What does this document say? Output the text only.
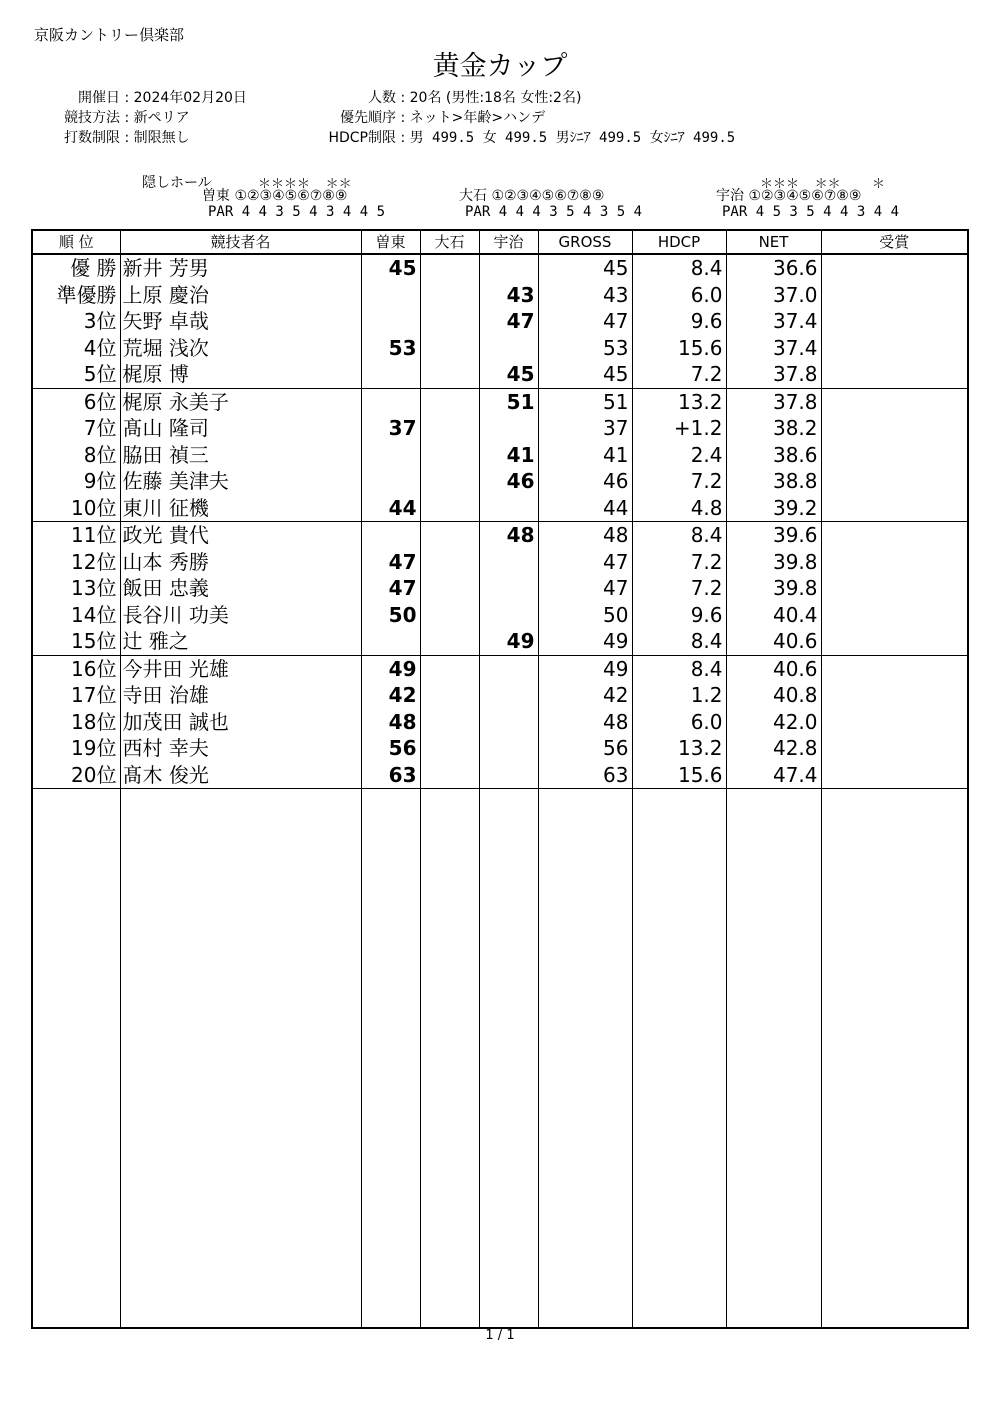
京阪カントリー倶楽部
黄金カップ
開催日 : 2024年02月20日
競技方法 : 新ペリア
打数制限 : 制限無し
人数 : 20名 (男性:18名 女性:2名)
優先順序 : ネット>年齢>ハンデ
HDCP制限 : 男 499.5 女 499.5 男ｼﾆｱ 499.5 女ｼﾆｱ 499.5
隠しホール	＊＊＊＊  ＊＊
曽東 ①②③④⑤⑥⑦⑧⑨
PAR 4 4 3 5 4 3 4 4 5
大石 ①②③④⑤⑥⑦⑧⑨
PAR 4 4 4 3 5 4 3 5 4
＊＊＊  ＊＊    ＊
宇治 ①②③④⑤⑥⑦⑧⑨
PAR 4 5 3 5 4 4 3 4 4
順 位	競技者名	曽東	大石	宇治	GROSS	HDCP	NET	受賞
優 勝	新井 芳男	45			45	8.4	36.6	
準優勝	上原 慶治			43	43	6.0	37.0	
3位	矢野 卓哉			47	47	9.6	37.4	
4位	荒堀 浅次	53			53	15.6	37.4	
5位	梶原 博			45	45	7.2	37.8	
6位	梶原 永美子			51	51	13.2	37.8	
7位	髙山 隆司	37			37	+1.2	38.2	
8位	脇田 禎三			41	41	2.4	38.6	
9位	佐藤 美津夫			46	46	7.2	38.8	
10位	東川 征機	44			44	4.8	39.2	
11位	政光 貴代			48	48	8.4	39.6	
12位	山本 秀勝	47			47	7.2	39.8	
13位	飯田 忠義	47			47	7.2	39.8	
14位	長谷川 功美	50			50	9.6	40.4	
15位	辻 雅之			49	49	8.4	40.6	
16位	今井田 光雄	49			49	8.4	40.6	
17位	寺田 治雄	42			42	1.2	40.8	
18位	加茂田 誠也	48			48	6.0	42.0	
19位	西村 幸夫	56			56	13.2	42.8	
20位	髙木 俊光	63			63	15.6	47.4	

1 / 1
